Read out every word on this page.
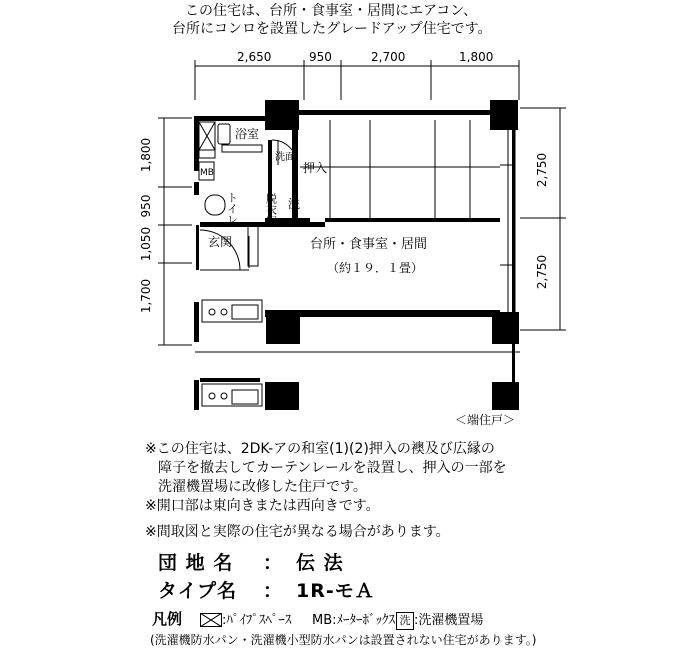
この住宅は、台所・食事室・居間にエアコン、
台所にコンロを設置したグレードアップ住宅です。
2,650	950	2,700	1,800
1,800
950
1,050
1,700
2,750
2,750
浴室
洗面
押入
MB
トイレ 脱衣室 洗
玄関	台所・食事室・居間
（約１９．１畳）
＜端住戸＞
※この住宅は、2DK-アの和室(1)(2)押入の襖及び広縁の
障子を撤去してカーテンレールを設置し、押入の一部を
洗濯機置場に改修した住戸です。
※開口部は東向きまたは西向きです。
※間取図と実際の住宅が異なる場合があります。
団 地 名 ： 伝 法
タイプ名 ： 1R-モＡ
凡例	:ﾊﾟｲﾌﾟｽﾍﾟｰｽ MB:ﾒｰﾀｰﾎﾞｯｸｽ 洗 :洗濯機置場
(洗濯機防水パン・洗濯機小型防水パンは設置されない住宅があります。)
